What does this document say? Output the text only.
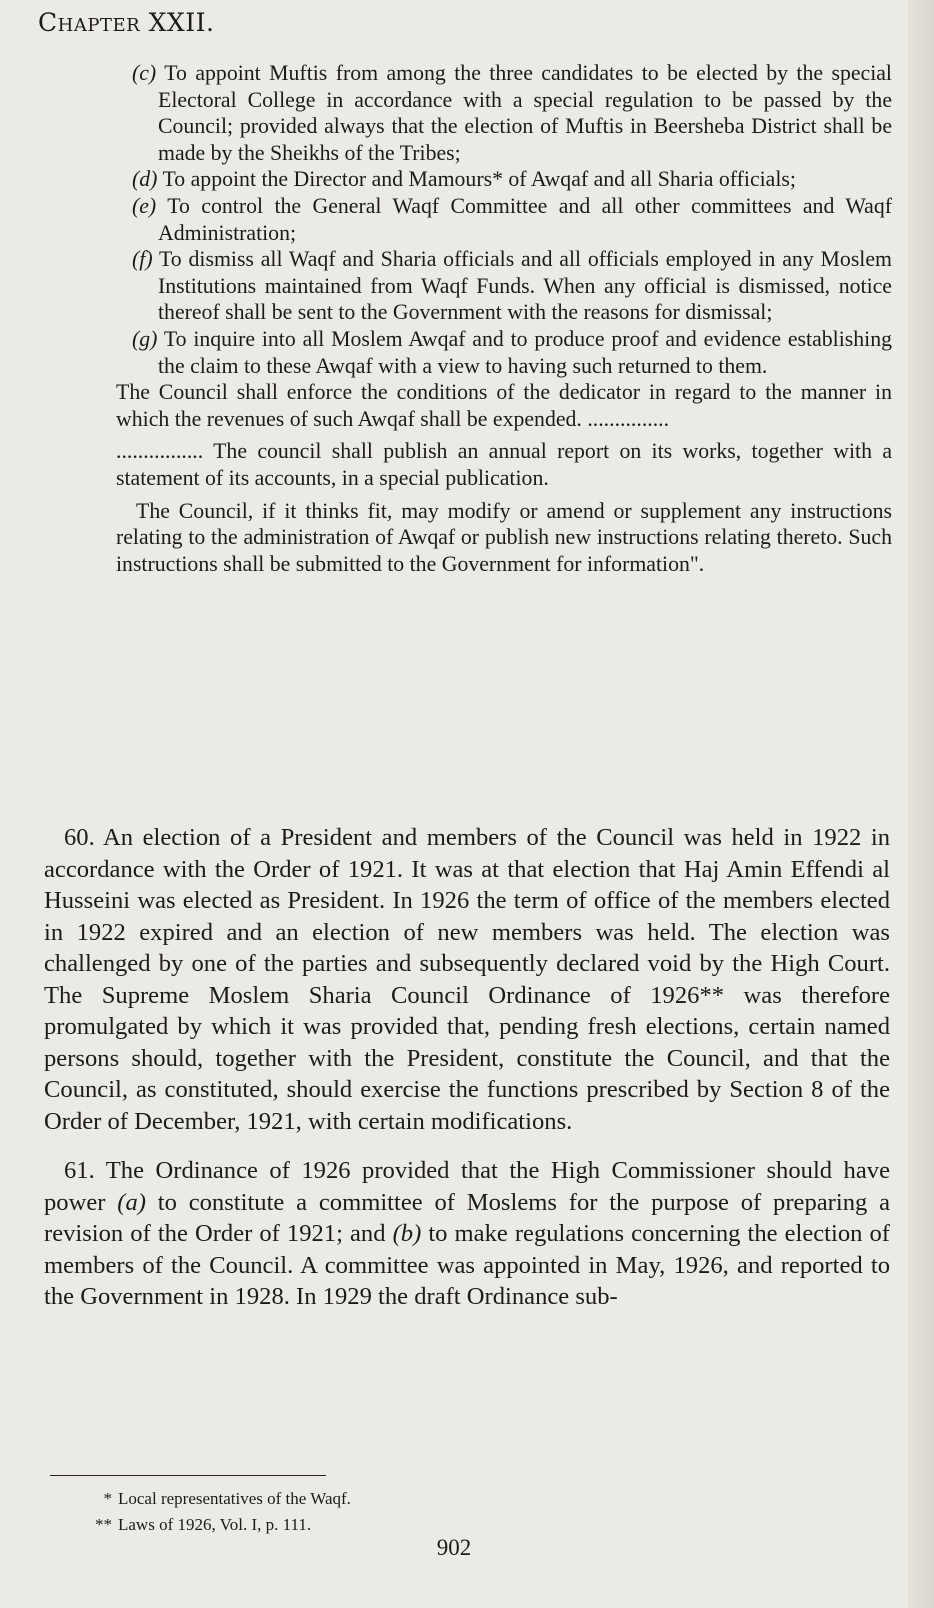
Chapter XXII.

(c) To appoint Muftis from among the three candidates to be elected by the special Electoral College in accordance with a special regulation to be passed by the Council; provided always that the election of Muftis in Beersheba District shall be made by the Sheikhs of the Tribes;

(d) To appoint the Director and Mamours* of Awqaf and all Sharia officials;

(e) To control the General Waqf Committee and all other committees and Waqf Administration;

(f) To dismiss all Waqf and Sharia officials and all officials employed in any Moslem Institutions maintained from Waqf Funds. When any official is dismissed, notice thereof shall be sent to the Government with the reasons for dismissal;

(g) To inquire into all Moslem Awqaf and to produce proof and evidence establishing the claim to these Awqaf with a view to having such returned to them.

The Council shall enforce the conditions of the dedicator in regard to the manner in which the revenues of such Awqaf shall be expended. ...............

................ The council shall publish an annual report on its works, together with a statement of its accounts, in a special publication.

The Council, if it thinks fit, may modify or amend or supplement any instructions relating to the administration of Awqaf or publish new instructions relating thereto. Such instructions shall be submitted to the Government for information".

60. An election of a President and members of the Council was held in 1922 in accordance with the Order of 1921. It was at that election that Haj Amin Effendi al Husseini was elected as President. In 1926 the term of office of the members elected in 1922 expired and an election of new members was held. The election was challenged by one of the parties and subsequently declared void by the High Court. The Supreme Moslem Sharia Council Ordinance of 1926** was therefore promulgated by which it was provided that, pending fresh elections, certain named persons should, together with the President, constitute the Council, and that the Council, as constituted, should exercise the functions prescribed by Section 8 of the Order of December, 1921, with certain modifications.

61. The Ordinance of 1926 provided that the High Commissioner should have power (a) to constitute a committee of Moslems for the purpose of preparing a revision of the Order of 1921; and (b) to make regulations concerning the election of members of the Council. A committee was appointed in May, 1926, and reported to the Government in 1928. In 1929 the draft Ordinance sub-

* Local representatives of the Waqf.

** Laws of 1926, Vol. I, p. 111.

902
